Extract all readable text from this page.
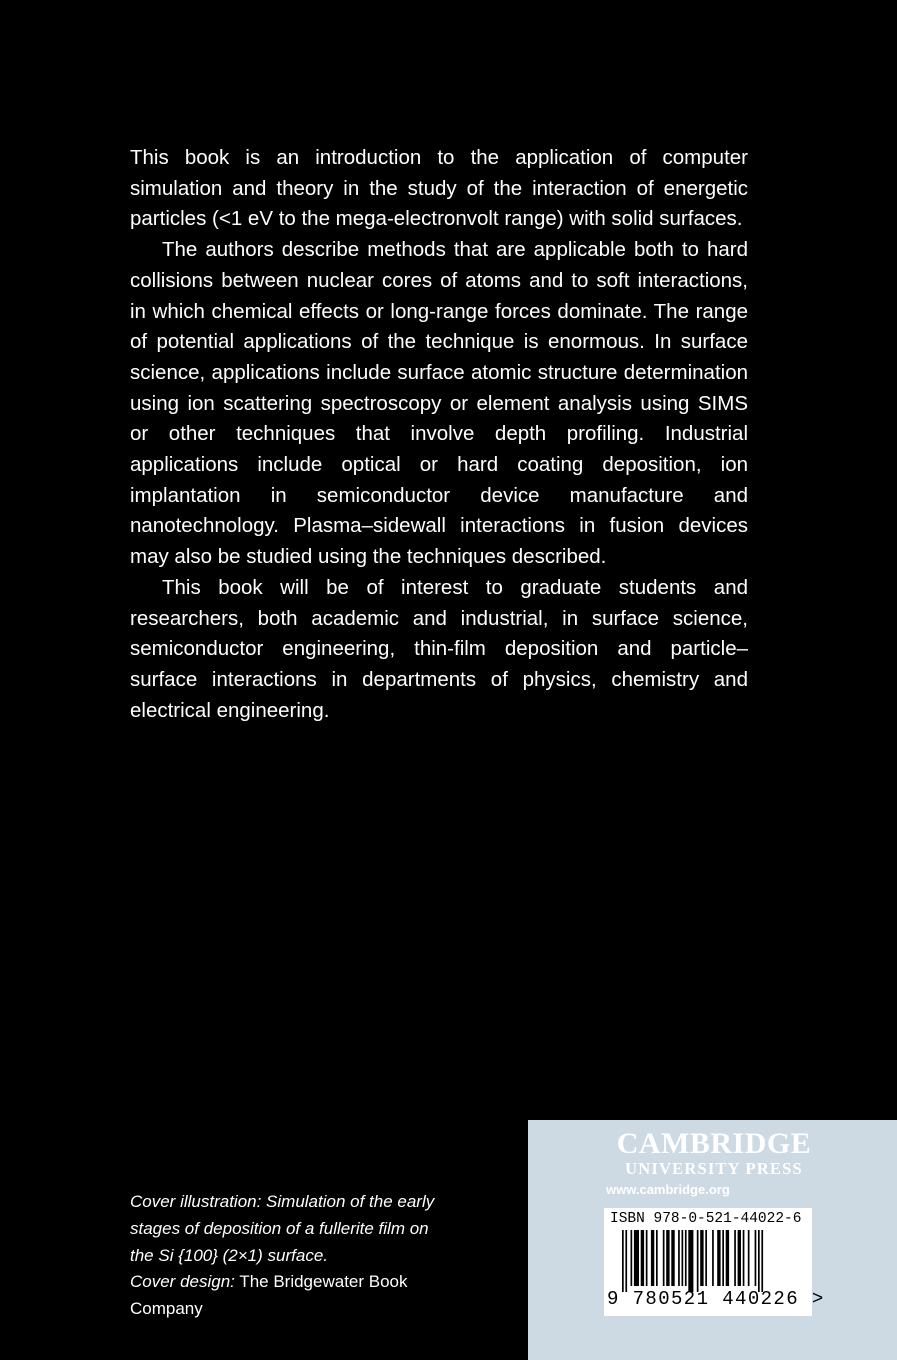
This book is an introduction to the application of computer simulation and theory in the study of the interaction of energetic particles (<1 eV to the mega-electronvolt range) with solid surfaces.

The authors describe methods that are applicable both to hard collisions between nuclear cores of atoms and to soft interactions, in which chemical effects or long-range forces dominate. The range of potential applications of the technique is enormous. In surface science, applications include surface atomic structure determination using ion scattering spectroscopy or element analysis using SIMS or other techniques that involve depth profiling. Industrial applications include optical or hard coating deposition, ion implantation in semiconductor device manufacture and nanotechnology. Plasma–sidewall interactions in fusion devices may also be studied using the techniques described.

This book will be of interest to graduate students and researchers, both academic and industrial, in surface science, semiconductor engineering, thin-film deposition and particle–surface interactions in departments of physics, chemistry and electrical engineering.

Cover illustration: Simulation of the early stages of deposition of a fullerite film on the Si {100} (2×1) surface.

Cover design: The Bridgewater Book Company

CAMBRIDGE
UNIVERSITY PRESS
www.cambridge.org
ISBN 978-0-521-44022-6
9 780521 440226 >
